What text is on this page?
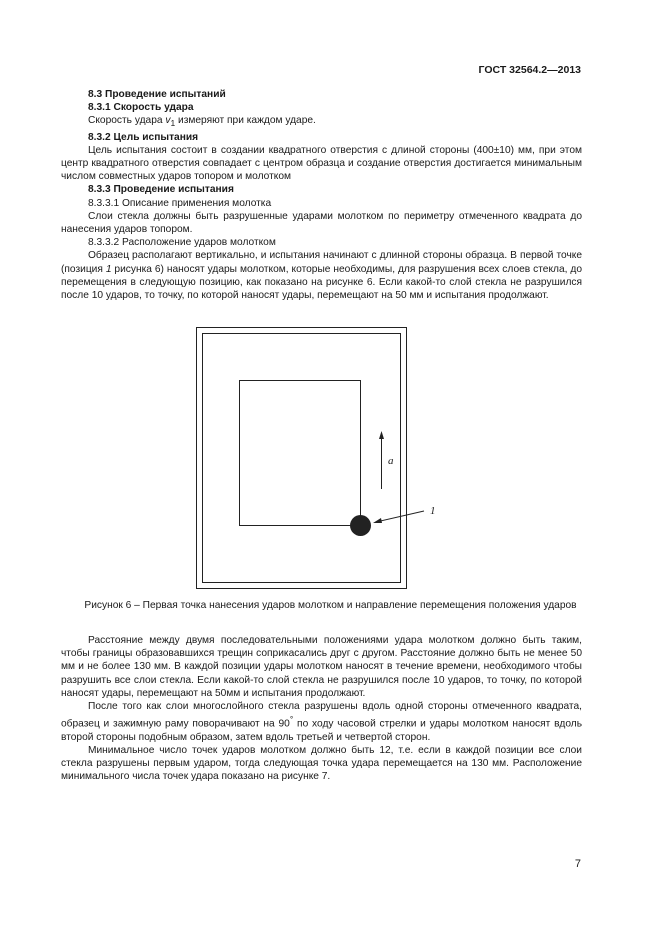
ГОСТ 32564.2—2013

8.3 Проведение испытаний

8.3.1 Скорость удара

Скорость удара $v_1$ измеряют при каждом ударе.

8.3.2 Цель испытания

Цель испытания состоит в создании квадратного отверстия с длиной стороны (400±10) мм, при этом центр квадратного отверстия совпадает с центром образца и создание отверстия достигается минимальным числом совместных ударов топором и молотком

8.3.3 Проведение испытания

8.3.3.1 Описание применения молотка

Слои стекла должны быть разрушенные ударами молотком по периметру отмеченного квадрата до нанесения ударов топором.

8.3.3.2 Расположение ударов молотком

Образец располагают вертикально, и испытания начинают с длинной стороны образца. В первой точке (позиция 1 рисунка 6) наносят удары молотком, которые необходимы, для разрушения всех слоев стекла, до перемещения в следующую позицию, как показано на рисунке 6. Если какой-то слой стекла не разрушился после 10 ударов, то точку, по которой наносят удары, перемещают на 50 мм и испытания продолжают.

a
1
Рисунок 6 – Первая точка нанесения ударов молотком и направление перемещения положения ударов

Расстояние между двумя последовательными положениями удара молотком должно быть таким, чтобы границы образовавшихся трещин соприкасались друг с другом. Расстояние должно быть не менее 50 мм и не более 130 мм. В каждой позиции удары молотком наносят в течение времени, необходимого чтобы разрушить все слои стекла. Если какой-то слой стекла не разрушился после 10 ударов, то точку, по которой наносят удары, перемещают на 50мм и испытания продолжают.

После того как слои многослойного стекла разрушены вдоль одной стороны отмеченного квадрата, образец и зажимную раму поворачивают на 90° по ходу часовой стрелки и удары молотком наносят вдоль второй стороны подобным образом, затем вдоль третьей и четвертой сторон.

Минимальное число точек ударов молотком должно быть 12, т.е. если в каждой позиции все слои стекла разрушены первым ударом, тогда следующая точка удара перемещается на 130 мм. Расположение минимального числа точек удара показано на рисунке 7.

7
